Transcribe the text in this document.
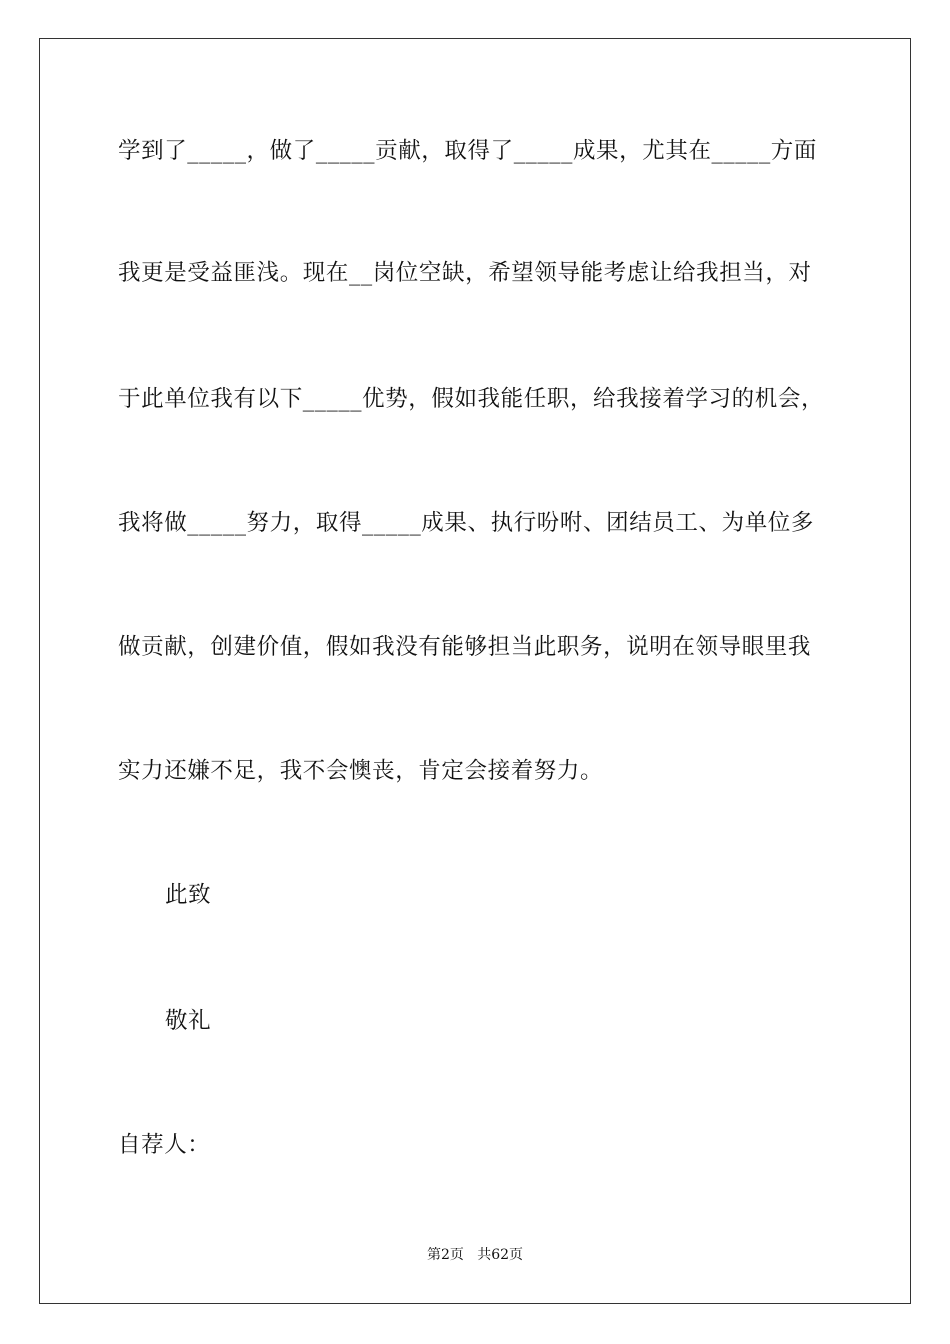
学到了_____，做了_____贡献，取得了_____成果，尤其在_____方面
我更是受益匪浅。现在__岗位空缺，希望领导能考虑让给我担当，对
于此单位我有以下_____优势，假如我能任职，给我接着学习的机会，
我将做_____努力，取得_____成果、执行吩咐、团结员工、为单位多
做贡献，创建价值，假如我没有能够担当此职务，说明在领导眼里我
实力还嫌不足，我不会懊丧，肯定会接着努力。
此致
敬礼
自荐人：
第2页   共62页
